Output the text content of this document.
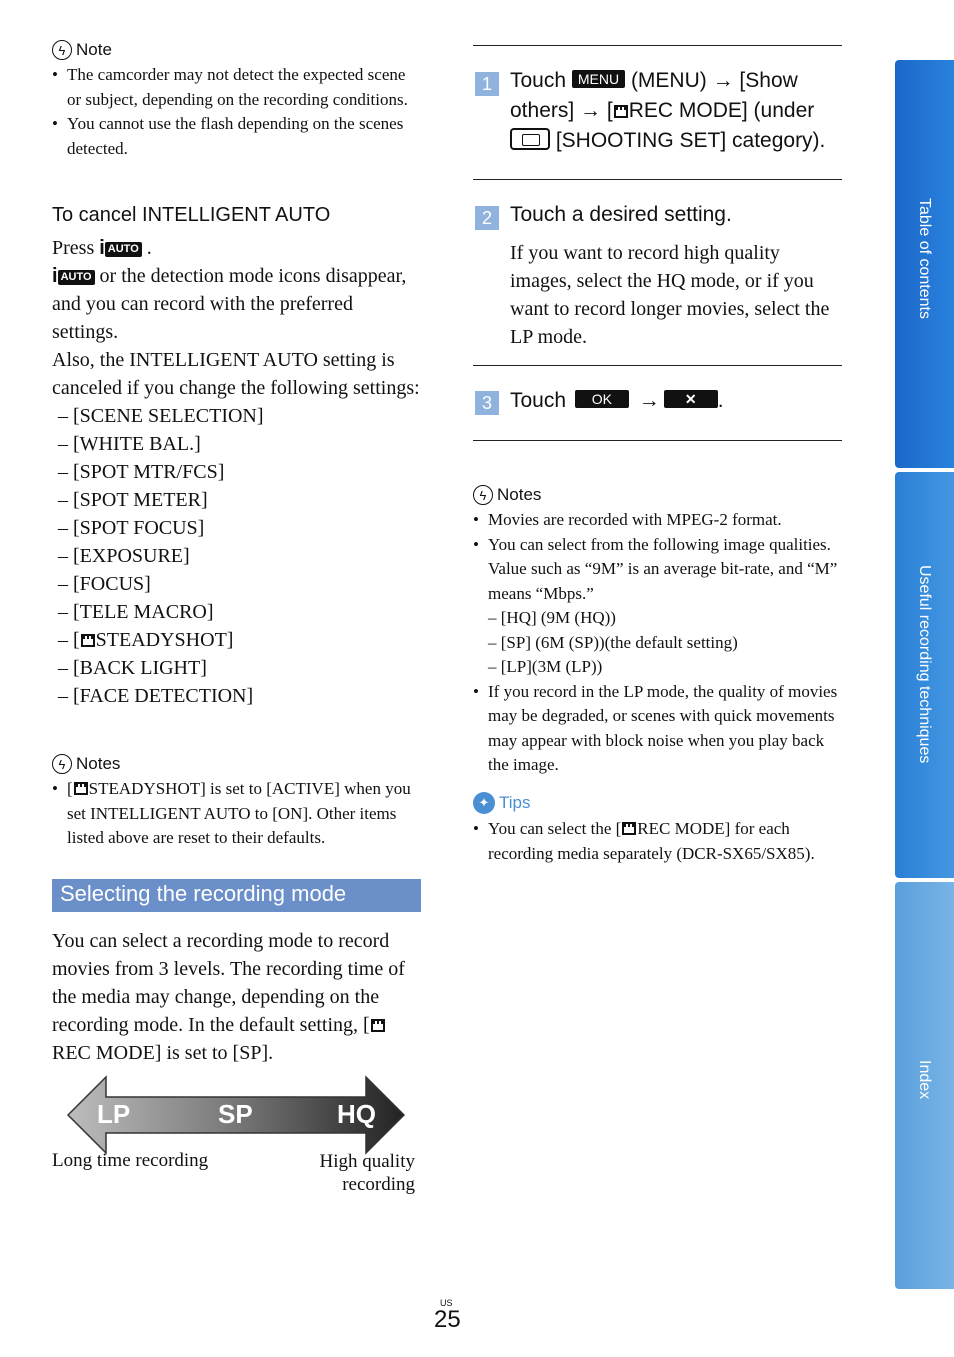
ϟ Note
• The camcorder may not detect the expected scene or subject, depending on the recording conditions.
• You cannot use the flash depending on the scenes detected.
To cancel INTELLIGENT AUTO
Press i AUTO .
i AUTO or the detection mode icons disappear, and you can record with the preferred settings.
Also, the INTELLIGENT AUTO setting is canceled if you change the following settings:
– [SCENE SELECTION]
– [WHITE BAL.]
– [SPOT MTR/FCS]
– [SPOT METER]
– [SPOT FOCUS]
– [EXPOSURE]
– [FOCUS]
– [TELE MACRO]
– [ STEADYSHOT]
– [BACK LIGHT]
– [FACE DETECTION]
ϟ Notes
• [ STEADYSHOT] is set to [ACTIVE] when you set INTELLIGENT AUTO to [ON]. Other items listed above are reset to their defaults.
Selecting the recording mode
You can select a recording mode to record movies from 3 levels. The recording time of the media may change, depending on the recording mode. In the default setting, [REC MODE] is set to [SP].
LP	SP	HQ
Long time recording	High quality
recording
1 Touch MENU (MENU) → [Show others] → [ REC MODE] (under

[SHOOTING SET] category).
2 Touch a desired setting.
If you want to record high quality images, select the HQ mode, or if you want to record longer movies, select the LP mode.
3 Touch OK → ✕ .
ϟ Notes
• Movies are recorded with MPEG-2 format.
• You can select from the following image qualities. Value such as “9M” is an average bit-rate, and “M” means “Mbps.”
– [HQ] (9M (HQ))
– [SP] (6M (SP))(the default setting)
– [LP](3M (LP))
• If you record in the LP mode, the quality of movies may be degraded, or scenes with quick movements may appear with block noise when you play back the image.
✦ Tips
• You can select the [ REC MODE] for each recording media separately (DCR-SX65/SX85).
Table of contents
Useful recording techniques
Index
US
25
